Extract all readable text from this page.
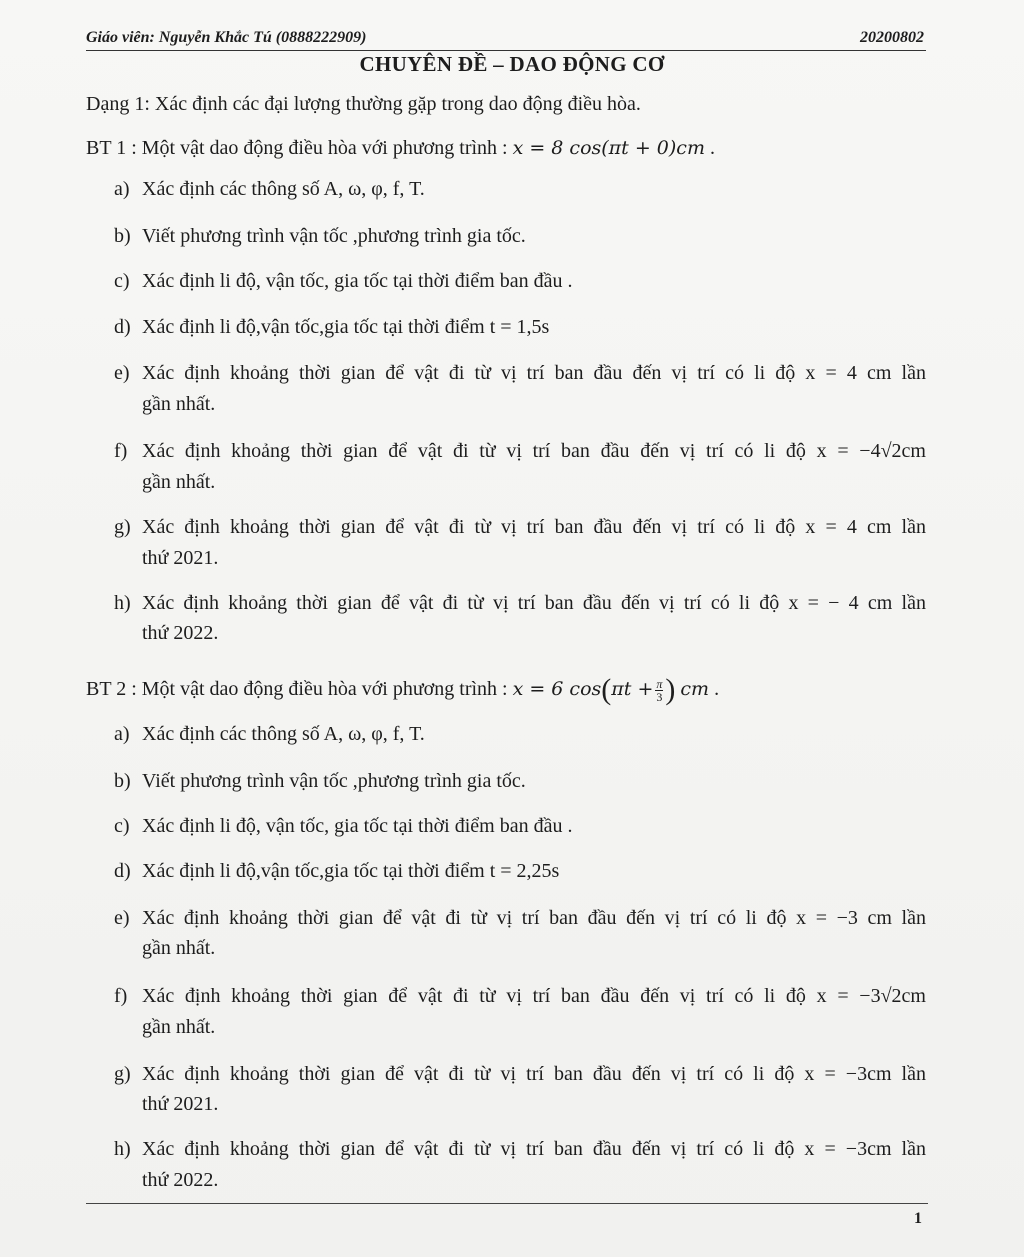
Giáo viên: Nguyễn Khắc Tú (0888222909)	20200802
CHUYÊN ĐỀ – DAO ĐỘNG CƠ
Dạng 1: Xác định các đại lượng thường gặp trong dao động điều hòa.
BT 1 : Một vật dao động điều hòa với phương trình : x = 8 cos(πt + 0)cm .
a) Xác định các thông số A, ω, φ, f, T.
b) Viết phương trình vận tốc ,phương trình gia tốc.
c) Xác định li độ, vận tốc, gia tốc tại thời điểm ban đầu .
d) Xác định li độ,vận tốc,gia tốc tại thời điểm t = 1,5s
e) Xác định khoảng thời gian để vật đi từ vị trí ban đầu đến vị trí có li độ x = 4 cm lần
gần nhất.
f) Xác định khoảng thời gian để vật đi từ vị trí ban đầu đến vị trí có li độ x = −4√2cm
gần nhất.
g) Xác định khoảng thời gian để vật đi từ vị trí ban đầu đến vị trí có li độ x = 4 cm lần
thứ 2021.
h) Xác định khoảng thời gian để vật đi từ vị trí ban đầu đến vị trí có li độ x = − 4 cm lần
thứ 2022.
BT 2 : Một vật dao động điều hòa với phương trình : x = 6 $\cos(\pi t + \frac{\pi}{3}$ ) cm .
a) Xác định các thông số A, ω, φ, f, T.
b) Viết phương trình vận tốc ,phương trình gia tốc.
c) Xác định li độ, vận tốc, gia tốc tại thời điểm ban đầu .
d) Xác định li độ,vận tốc,gia tốc tại thời điểm t = 2,25s
e) Xác định khoảng thời gian để vật đi từ vị trí ban đầu đến vị trí có li độ x = −3 cm lần
gần nhất.
f) Xác định khoảng thời gian để vật đi từ vị trí ban đầu đến vị trí có li độ x = −3√2cm
gần nhất.
g) Xác định khoảng thời gian để vật đi từ vị trí ban đầu đến vị trí có li độ x = −3cm lần
thứ 2021.
h) Xác định khoảng thời gian để vật đi từ vị trí ban đầu đến vị trí có li độ x = −3cm lần
thứ 2022.
1
